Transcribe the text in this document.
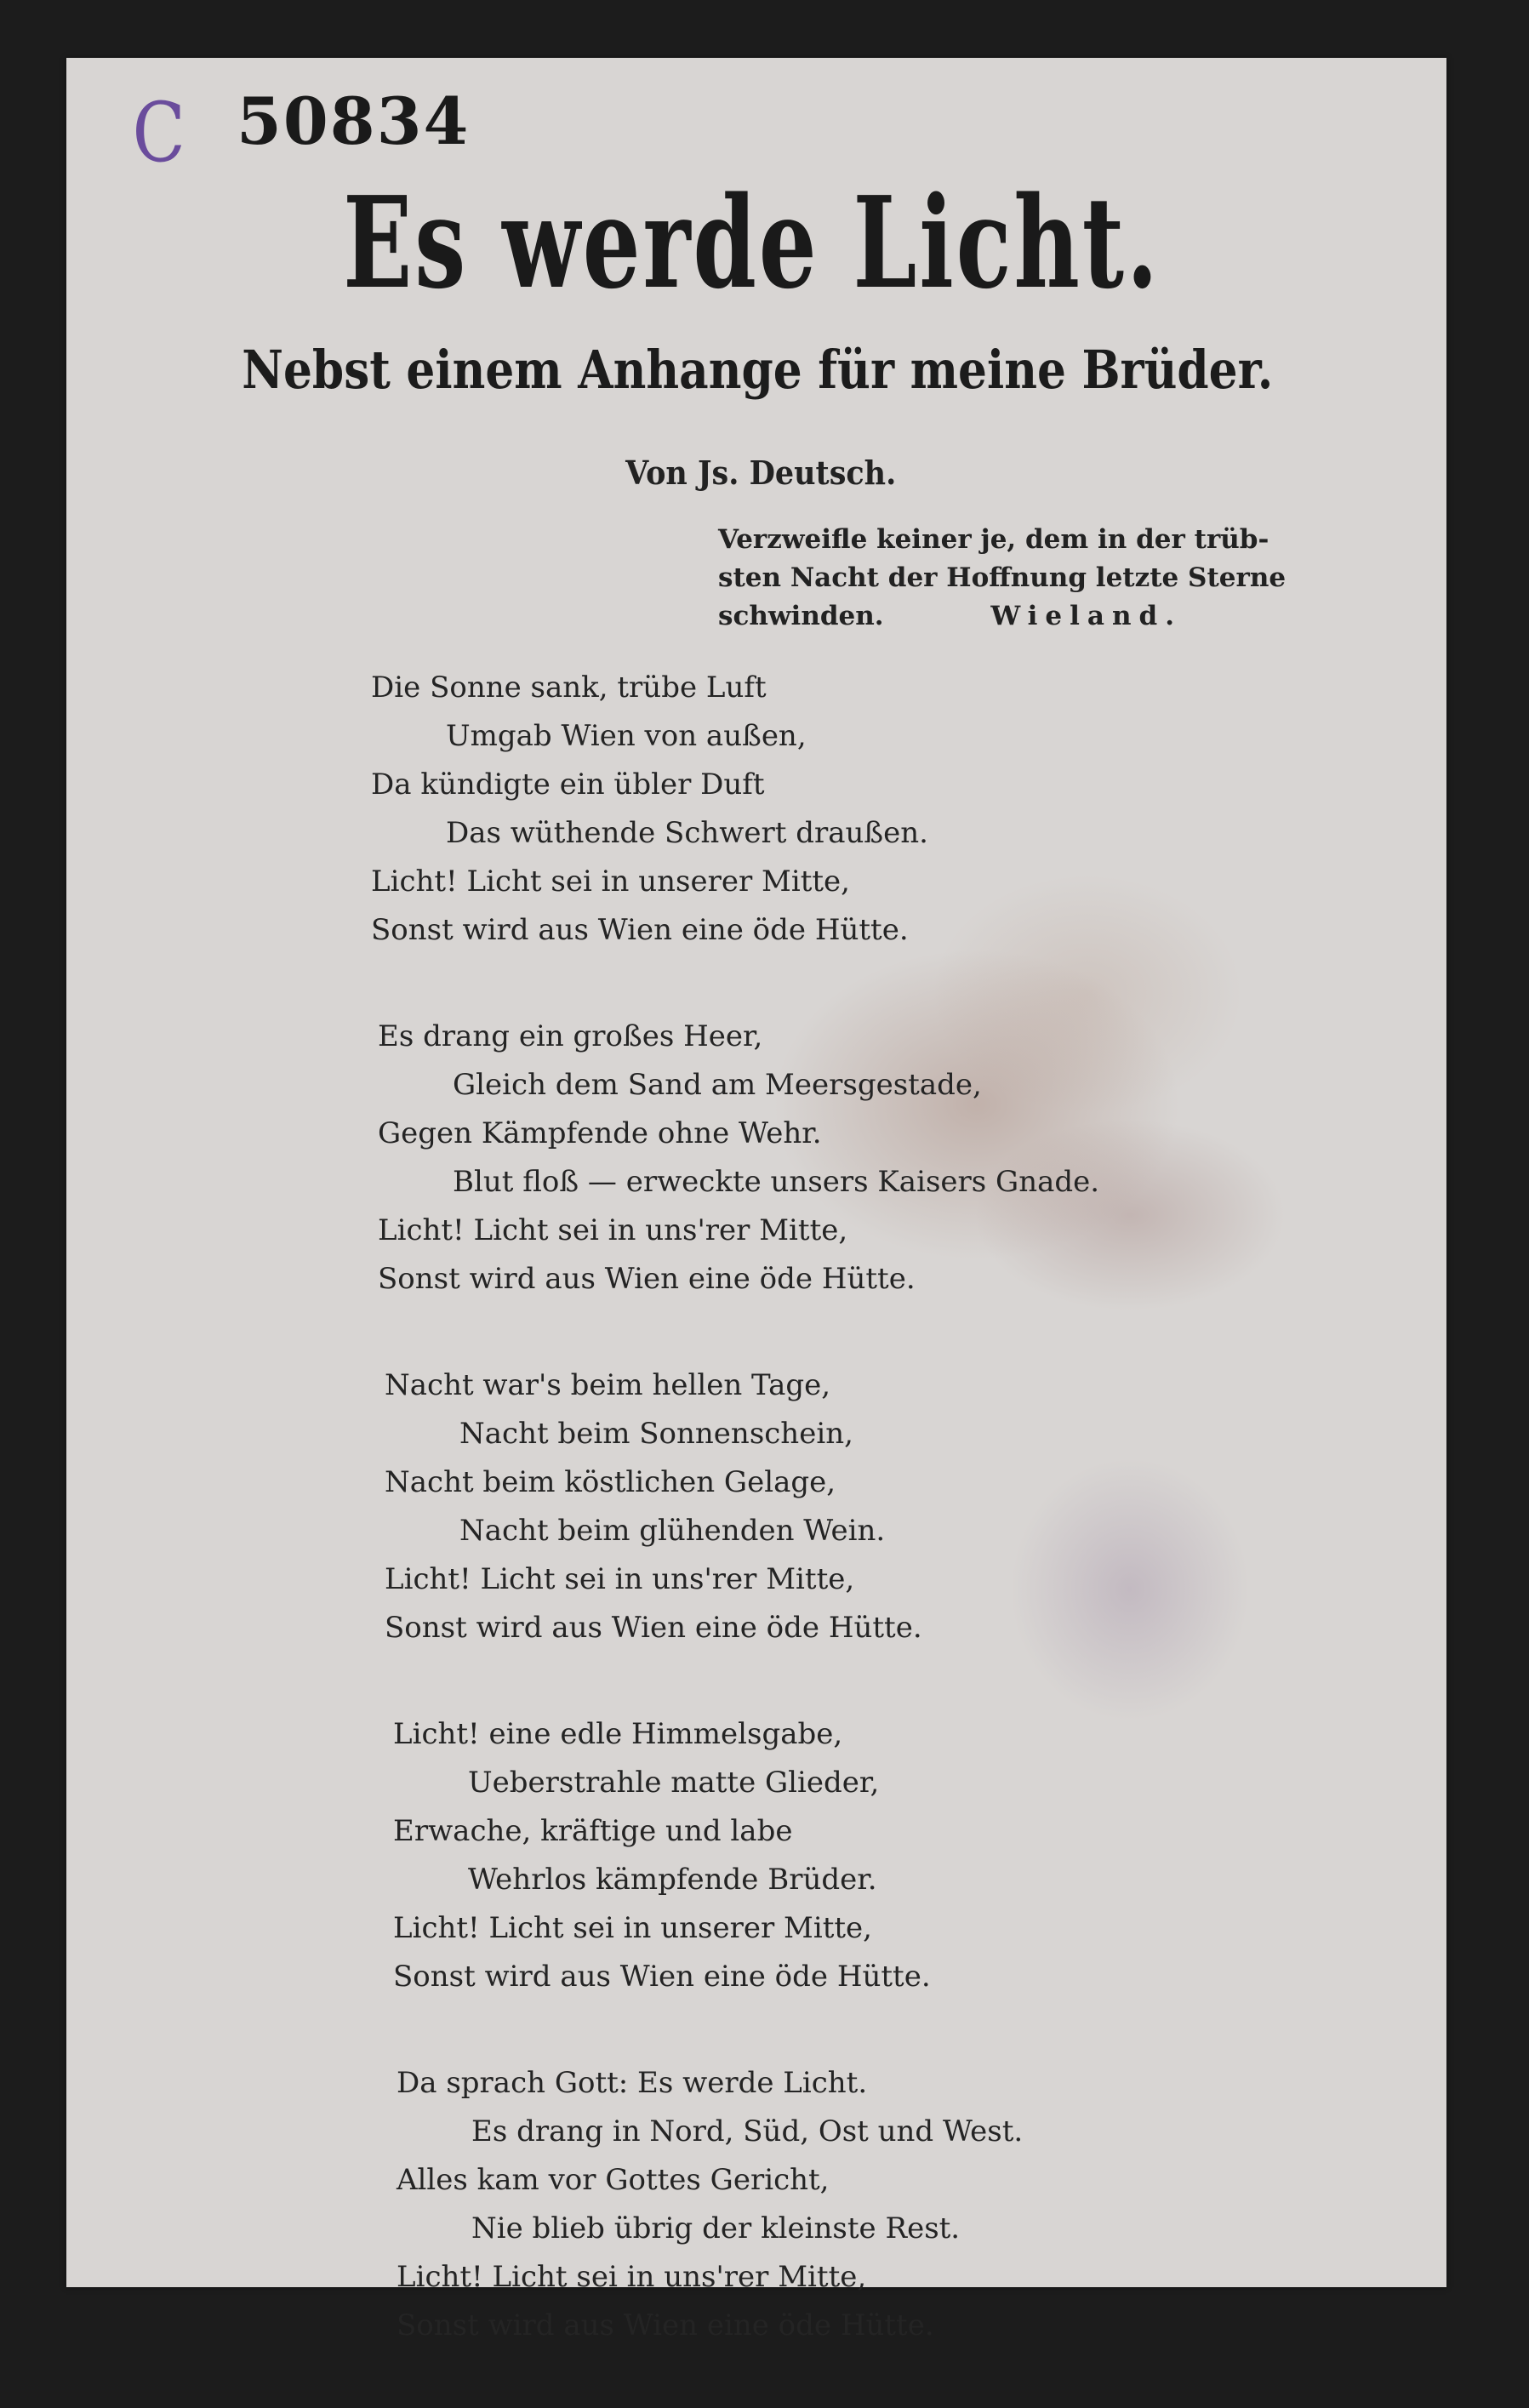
C 50834
Es werde Licht.
Nebst einem Anhange für meine Brüder.
Von Js. Deutsch.
Verzweifle keiner je, dem in der trüb-
sten Nacht der Hoffnung letzte Sterne
schwinden.	Wieland.
Die Sonne sank, trübe Luft
Umgab Wien von außen,
Da kündigte ein übler Duft
Das wüthende Schwert draußen.
Licht! Licht sei in unserer Mitte,
Sonst wird aus Wien eine öde Hütte.
Es drang ein großes Heer,
Gleich dem Sand am Meersgestade,
Gegen Kämpfende ohne Wehr.
Blut floß — erweckte unsers Kaisers Gnade.
Licht! Licht sei in uns'rer Mitte,
Sonst wird aus Wien eine öde Hütte.
Nacht war's beim hellen Tage,
Nacht beim Sonnenschein,
Nacht beim köstlichen Gelage,
Nacht beim glühenden Wein.
Licht! Licht sei in uns'rer Mitte,
Sonst wird aus Wien eine öde Hütte.
Licht! eine edle Himmelsgabe,
Ueberstrahle matte Glieder,
Erwache, kräftige und labe
Wehrlos kämpfende Brüder.
Licht! Licht sei in unserer Mitte,
Sonst wird aus Wien eine öde Hütte.
Da sprach Gott: Es werde Licht.
Es drang in Nord, Süd, Ost und West.
Alles kam vor Gottes Gericht,
Nie blieb übrig der kleinste Rest.
Licht! Licht sei in uns'rer Mitte,
Sonst wird aus Wien eine öde Hütte.
